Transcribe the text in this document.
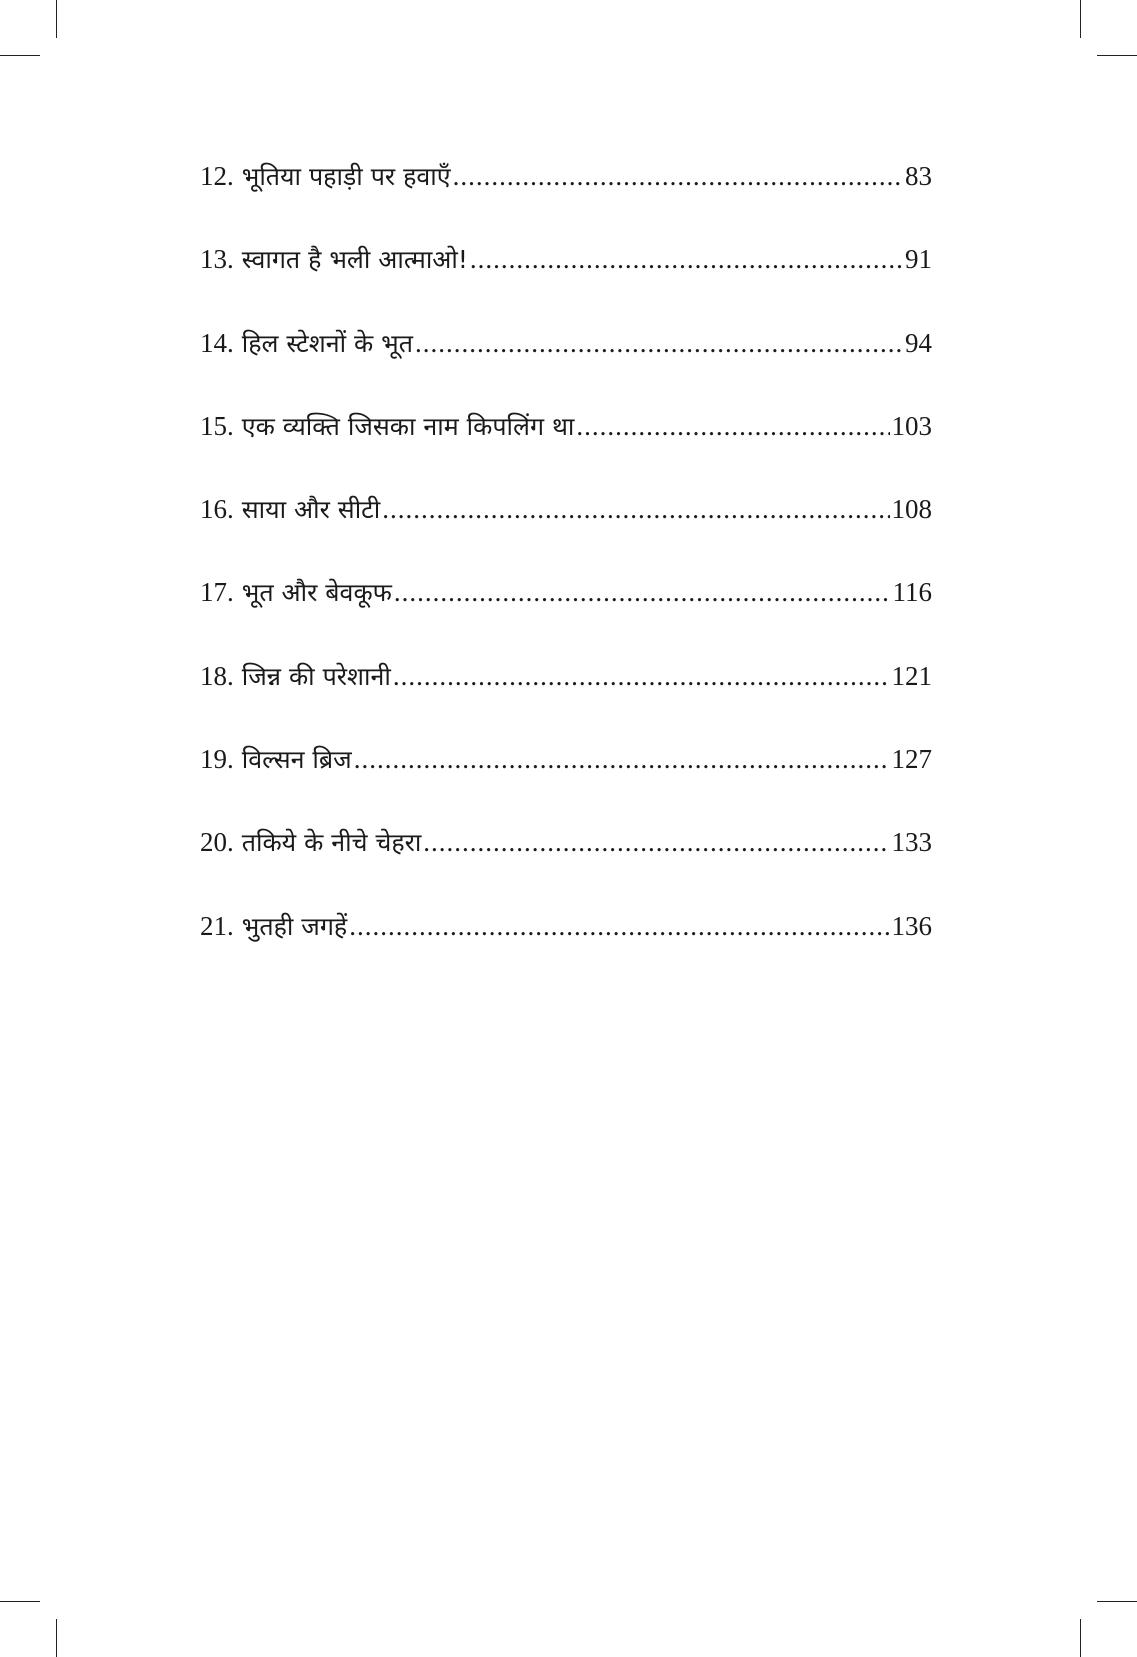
12. भूतिया पहाड़ी पर हवाएँ .....	83
13. स्वागत है भली आत्माओ! .....	91
14. हिल स्टेशनों के भूत .....	94
15. एक व्यक्ति जिसका नाम किपलिंग था .....	103
16. साया और सीटी .....	108
17. भूत और बेवकूफ .....	116
18. जिन्न की परेशानी .....	121
19. विल्सन ब्रिज .....	127
20. तकिये के नीचे चेहरा .....	133
21. भुतही जगहें .....	136
